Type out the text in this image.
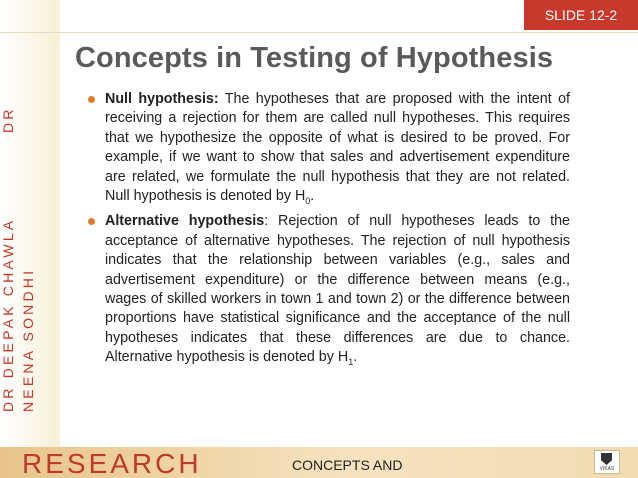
SLIDE 12-2
Concepts in Testing of Hypothesis
DR DEEPAK CHAWLA
DR
NEENA SONDHI

Null hypothesis: The hypotheses that are proposed with the intent of receiving a rejection for them are called null hypotheses. This requires that we hypothesize the opposite of what is desired to be proved. For example, if we want to show that sales and advertisement expenditure are related, we formulate the null hypothesis that they are not related. Null hypothesis is denoted by $H_0$.

Alternative hypothesis: Rejection of null hypotheses leads to the acceptance of alternative hypotheses. The rejection of null hypothesis indicates that the relationship between variables (e.g., sales and advertisement expenditure) or the difference between means (e.g., wages of skilled workers in town 1 and town 2) or the difference between proportions have statistical significance and the acceptance of the null hypotheses indicates that these differences are due to chance. Alternative hypothesis is denoted by $H_1$.

RESEARCH	CONCEPTS AND	VIKAS
